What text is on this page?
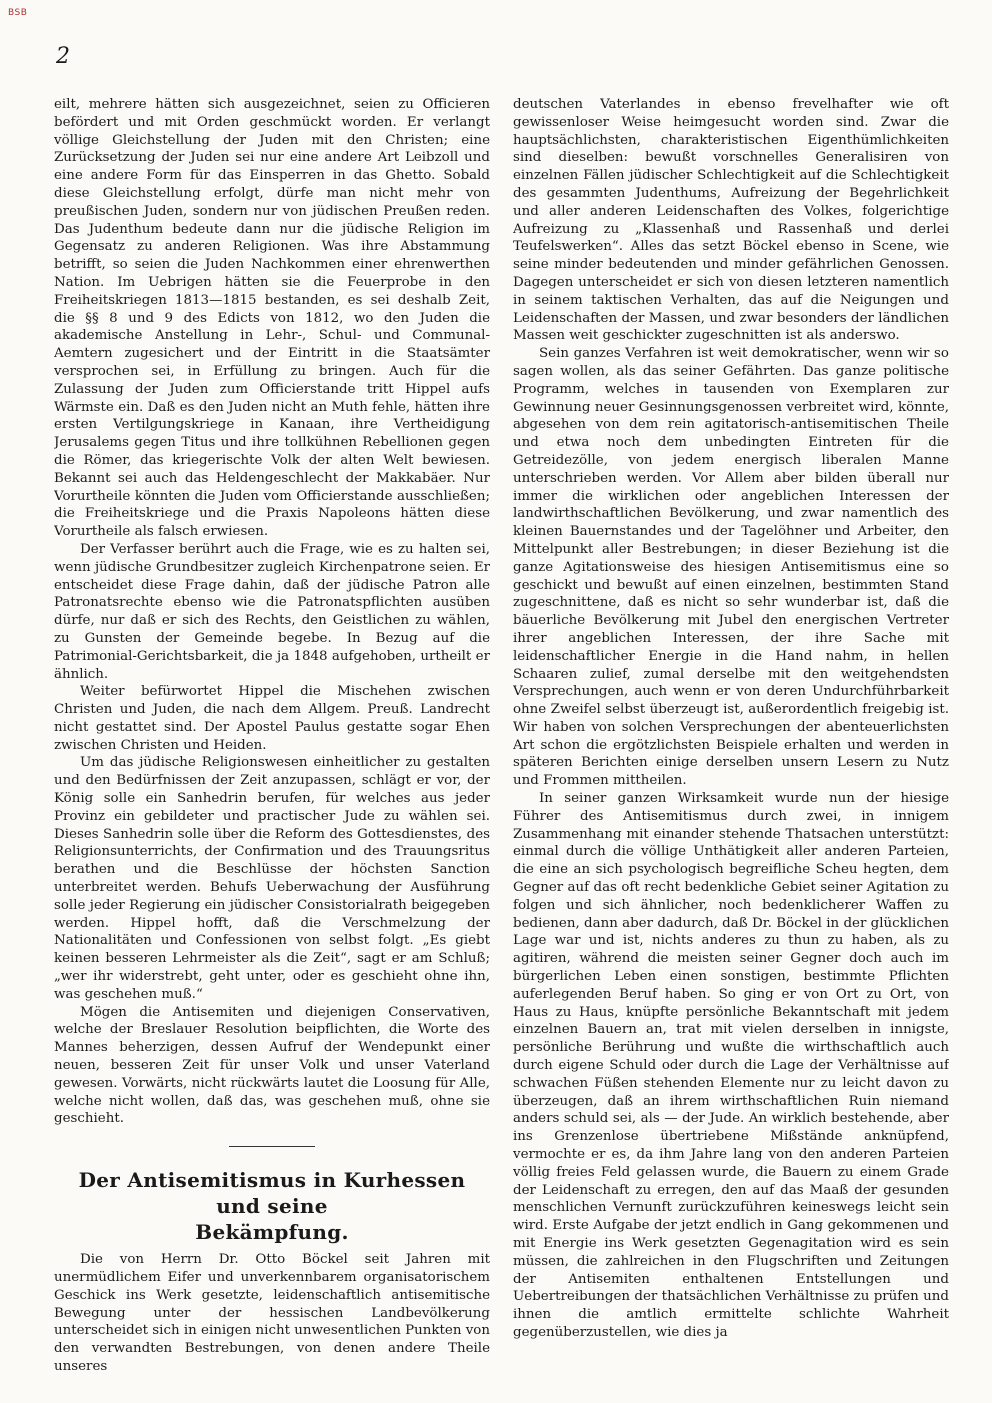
BSB
2

eilt, mehrere hätten sich ausgezeichnet, seien zu Officieren befördert und mit Orden geschmückt worden. Er verlangt völlige Gleichstellung der Juden mit den Christen; eine Zurücksetzung der Juden sei nur eine andere Art Leibzoll und eine andere Form für das Einsperren in das Ghetto. Sobald diese Gleichstellung erfolgt, dürfe man nicht mehr von preußischen Juden, sondern nur von jüdischen Preußen reden. Das Judenthum bedeute dann nur die jüdische Religion im Gegensatz zu anderen Religionen. Was ihre Abstammung betrifft, so seien die Juden Nachkommen einer ehrenwerthen Nation. Im Uebrigen hätten sie die Feuerprobe in den Freiheitskriegen 1813—1815 bestanden, es sei deshalb Zeit, die §§ 8 und 9 des Edicts von 1812, wo den Juden die akademische Anstellung in Lehr-, Schul- und Communal-Aemtern zugesichert und der Eintritt in die Staatsämter versprochen sei, in Erfüllung zu bringen. Auch für die Zulassung der Juden zum Officierstande tritt Hippel aufs Wärmste ein. Daß es den Juden nicht an Muth fehle, hätten ihre ersten Vertilgungskriege in Kanaan, ihre Vertheidigung Jerusalems gegen Titus und ihre tollkühnen Rebellionen gegen die Römer, das kriegerischte Volk der alten Welt bewiesen. Bekannt sei auch das Heldengeschlecht der Makkabäer. Nur Vorurtheile könnten die Juden vom Officierstande ausschließen; die Freiheitskriege und die Praxis Napoleons hätten diese Vorurtheile als falsch erwiesen.

Der Verfasser berührt auch die Frage, wie es zu halten sei, wenn jüdische Grundbesitzer zugleich Kirchenpatrone seien. Er entscheidet diese Frage dahin, daß der jüdische Patron alle Patronatsrechte ebenso wie die Patronatspflichten ausüben dürfe, nur daß er sich des Rechts, den Geistlichen zu wählen, zu Gunsten der Gemeinde begebe. In Bezug auf die Patrimonial-Gerichtsbarkeit, die ja 1848 aufgehoben, urtheilt er ähnlich.

Weiter befürwortet Hippel die Mischehen zwischen Christen und Juden, die nach dem Allgem. Preuß. Landrecht nicht gestattet sind. Der Apostel Paulus gestatte sogar Ehen zwischen Christen und Heiden.

Um das jüdische Religionswesen einheitlicher zu gestalten und den Bedürfnissen der Zeit anzupassen, schlägt er vor, der König solle ein Sanhedrin berufen, für welches aus jeder Provinz ein gebildeter und practischer Jude zu wählen sei. Dieses Sanhedrin solle über die Reform des Gottesdienstes, des Religionsunterrichts, der Confirmation und des Trauungsritus berathen und die Beschlüsse der höchsten Sanction unterbreitet werden. Behufs Ueberwachung der Ausführung solle jeder Regierung ein jüdischer Consistorialrath beigegeben werden. Hippel hofft, daß die Verschmelzung der Nationalitäten und Confessionen von selbst folgt. „Es giebt keinen besseren Lehrmeister als die Zeit“, sagt er am Schluß; „wer ihr widerstrebt, geht unter, oder es geschieht ohne ihn, was geschehen muß.“

Mögen die Antisemiten und diejenigen Conservativen, welche der Breslauer Resolution beipflichten, die Worte des Mannes beherzigen, dessen Aufruf der Wendepunkt einer neuen, besseren Zeit für unser Volk und unser Vaterland gewesen. Vorwärts, nicht rückwärts lautet die Loosung für Alle, welche nicht wollen, daß das, was geschehen muß, ohne sie geschieht.

Der Antisemitismus in Kurhessen und seine
Bekämpfung.

Die von Herrn Dr. Otto Böckel seit Jahren mit unermüdlichem Eifer und unverkennbarem organisatorischem Geschick ins Werk gesetzte, leidenschaftlich antisemitische Bewegung unter der hessischen Landbevölkerung unterscheidet sich in einigen nicht unwesentlichen Punkten von den verwandten Bestrebungen, von denen andere Theile unseres

deutschen Vaterlandes in ebenso frevelhafter wie oft gewissenloser Weise heimgesucht worden sind. Zwar die hauptsächlichsten, charakteristischen Eigenthümlichkeiten sind dieselben: bewußt vorschnelles Generalisiren von einzelnen Fällen jüdischer Schlechtigkeit auf die Schlechtigkeit des gesammten Judenthums, Aufreizung der Begehrlichkeit und aller anderen Leidenschaften des Volkes, folgerichtige Aufreizung zu „Klassenhaß und Rassenhaß und derlei Teufelswerken“. Alles das setzt Böckel ebenso in Scene, wie seine minder bedeutenden und minder gefährlichen Genossen. Dagegen unterscheidet er sich von diesen letzteren namentlich in seinem taktischen Verhalten, das auf die Neigungen und Leidenschaften der Massen, und zwar besonders der ländlichen Massen weit geschickter zugeschnitten ist als anderswo.

Sein ganzes Verfahren ist weit demokratischer, wenn wir so sagen wollen, als das seiner Gefährten. Das ganze politische Programm, welches in tausenden von Exemplaren zur Gewinnung neuer Gesinnungsgenossen verbreitet wird, könnte, abgesehen von dem rein agitatorisch-antisemitischen Theile und etwa noch dem unbedingten Eintreten für die Getreidezölle, von jedem energisch liberalen Manne unterschrieben werden. Vor Allem aber bilden überall nur immer die wirklichen oder angeblichen Interessen der landwirthschaftlichen Bevölkerung, und zwar namentlich des kleinen Bauernstandes und der Tagelöhner und Arbeiter, den Mittelpunkt aller Bestrebungen; in dieser Beziehung ist die ganze Agitationsweise des hiesigen Antisemitismus eine so geschickt und bewußt auf einen einzelnen, bestimmten Stand zugeschnittene, daß es nicht so sehr wunderbar ist, daß die bäuerliche Bevölkerung mit Jubel den energischen Vertreter ihrer angeblichen Interessen, der ihre Sache mit leidenschaftlicher Energie in die Hand nahm, in hellen Schaaren zulief, zumal derselbe mit den weitgehendsten Versprechungen, auch wenn er von deren Undurchführbarkeit ohne Zweifel selbst überzeugt ist, außerordentlich freigebig ist. Wir haben von solchen Versprechungen der abenteuerlichsten Art schon die ergötzlichsten Beispiele erhalten und werden in späteren Berichten einige derselben unsern Lesern zu Nutz und Frommen mittheilen.

In seiner ganzen Wirksamkeit wurde nun der hiesige Führer des Antisemitismus durch zwei, in innigem Zusammenhang mit einander stehende Thatsachen unterstützt: einmal durch die völlige Unthätigkeit aller anderen Parteien, die eine an sich psychologisch begreifliche Scheu hegten, dem Gegner auf das oft recht bedenkliche Gebiet seiner Agitation zu folgen und sich ähnlicher, noch bedenklicherer Waffen zu bedienen, dann aber dadurch, daß Dr. Böckel in der glücklichen Lage war und ist, nichts anderes zu thun zu haben, als zu agitiren, während die meisten seiner Gegner doch auch im bürgerlichen Leben einen sonstigen, bestimmte Pflichten auferlegenden Beruf haben. So ging er von Ort zu Ort, von Haus zu Haus, knüpfte persönliche Bekanntschaft mit jedem einzelnen Bauern an, trat mit vielen derselben in innigste, persönliche Berührung und wußte die wirthschaftlich auch durch eigene Schuld oder durch die Lage der Verhältnisse auf schwachen Füßen stehenden Elemente nur zu leicht davon zu überzeugen, daß an ihrem wirthschaftlichen Ruin niemand anders schuld sei, als — der Jude. An wirklich bestehende, aber ins Grenzenlose übertriebene Mißstände anknüpfend, vermochte er es, da ihm Jahre lang von den anderen Parteien völlig freies Feld gelassen wurde, die Bauern zu einem Grade der Leidenschaft zu erregen, den auf das Maaß der gesunden menschlichen Vernunft zurückzuführen keineswegs leicht sein wird. Erste Aufgabe der jetzt endlich in Gang gekommenen und mit Energie ins Werk gesetzten Gegenagitation wird es sein müssen, die zahlreichen in den Flugschriften und Zeitungen der Antisemiten enthaltenen Entstellungen und Uebertreibungen der thatsächlichen Verhältnisse zu prüfen und ihnen die amtlich ermittelte schlichte Wahrheit gegenüberzustellen, wie dies ja
